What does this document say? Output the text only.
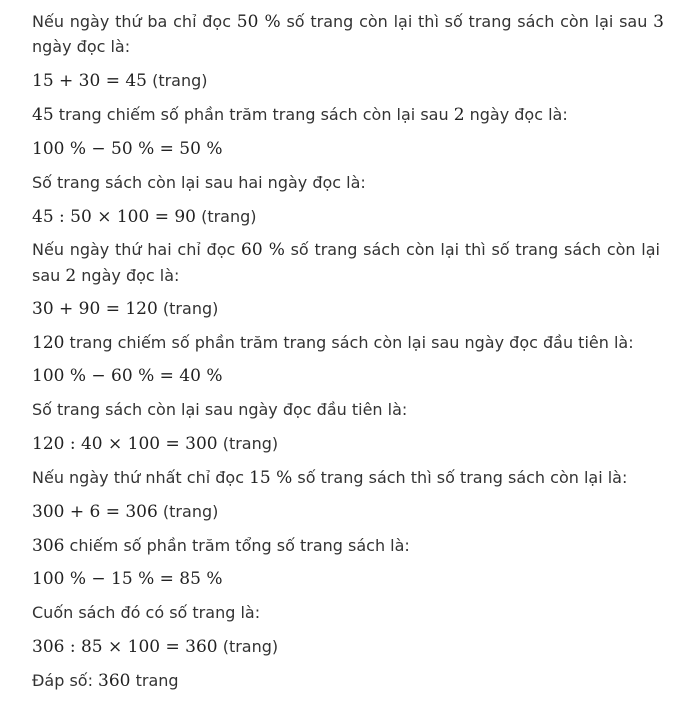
Nếu ngày thứ ba chỉ đọc 50 % số trang còn lại thì số trang sách còn lại sau 3
ngày đọc là:
15 + 30 = 45 (trang)
45 trang chiếm số phần trăm trang sách còn lại sau 2 ngày đọc là:
100 % − 50 % = 50 %
Số trang sách còn lại sau hai ngày đọc là:
45 : 50 × 100 = 90 (trang)
Nếu ngày thứ hai chỉ đọc 60 % số trang sách còn lại thì số trang sách còn lại
sau 2 ngày đọc là:
30 + 90 = 120 (trang)
120 trang chiếm số phần trăm trang sách còn lại sau ngày đọc đầu tiên là:
100 % − 60 % = 40 %
Số trang sách còn lại sau ngày đọc đầu tiên là:
120 : 40 × 100 = 300 (trang)
Nếu ngày thứ nhất chỉ đọc 15 % số trang sách thì số trang sách còn lại là:
300 + 6 = 306 (trang)
306 chiếm số phần trăm tổng số trang sách là:
100 % − 15 % = 85 %
Cuốn sách đó có số trang là:
306 : 85 × 100 = 360 (trang)
Đáp số: 360 trang
